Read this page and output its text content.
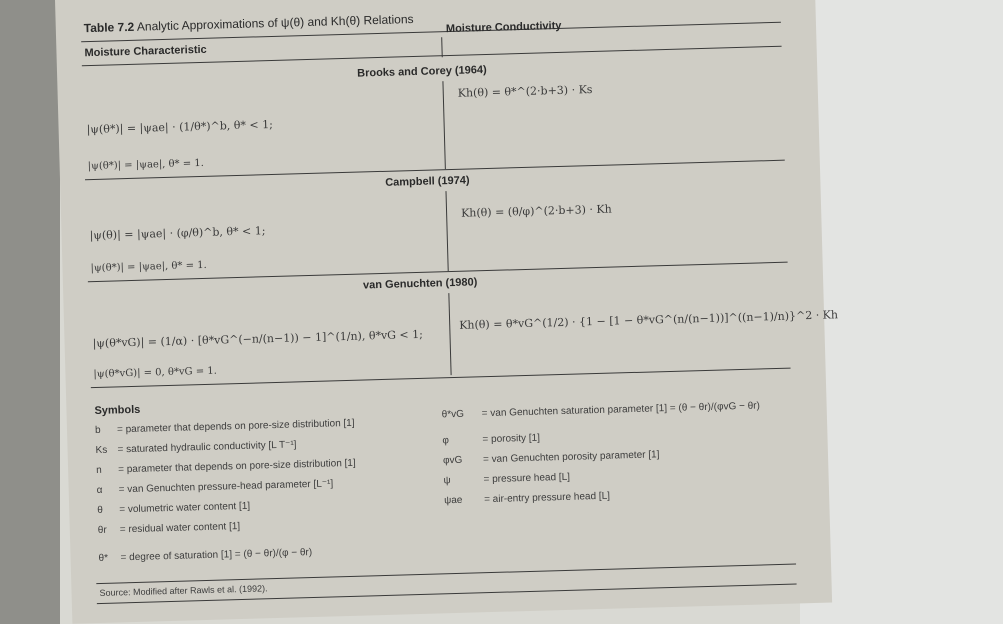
Table 7.2 Analytic Approximations of ψ(θ) and Kh(θ) Relations
Moisture Characteristic
Moisture Conductivity
Brooks and Corey (1964)
Kh(θ) = θ*^(2·b+3) · Ks
|ψ(θ*)| = |ψae| · (1/θ*)^b, θ* < 1;
|ψ(θ*)| = |ψae|, θ* = 1.
Campbell (1974)
Kh(θ) = (θ/φ)^(2·b+3) · Kh
|ψ(θ)| = |ψae| · (φ/θ)^b, θ* < 1;
|ψ(θ*)| = |ψae|, θ* = 1.
van Genuchten (1980)
Kh(θ) = θ*vG^(1/2) · {1 − [1 − θ*vG^(n/(n−1))]^((n−1)/n)}^2 · Kh
|ψ(θ*vG)| = (1/α) · [θ*vG^(−n/(n−1)) − 1]^(1/n), θ*vG < 1;
|ψ(θ*vG)| = 0, θ*vG = 1.
Symbols
Source: Modified after Rawls et al. (1992).
b = parameter that depends on pore-size distribution [1]
Ks = saturated hydraulic conductivity [L T⁻¹]
n = parameter that depends on pore-size distribution [1]
α = van Genuchten pressure-head parameter [L⁻¹]
θ = volumetric water content [1]
θr = residual water content [1]
θ* = degree of saturation [1] = (θ − θr)/(φ − θr)
θ*vG = van Genuchten saturation parameter [1] = (θ − θr)/(φvG − θr)
φ	= porosity [1]
φvG = van Genuchten porosity parameter [1]
ψ	= pressure head [L]
ψae = air-entry pressure head [L]
